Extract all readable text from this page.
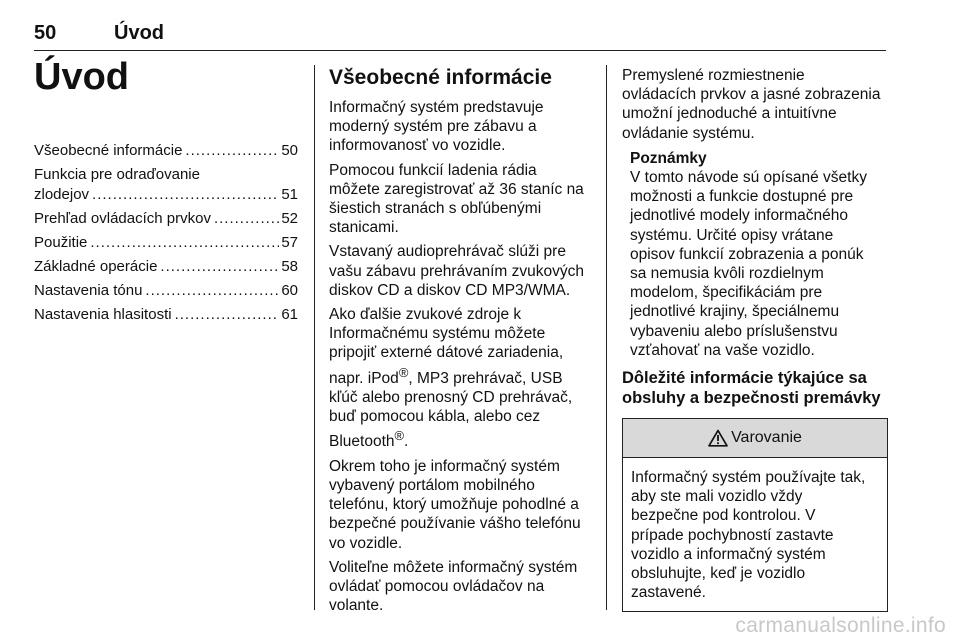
50	Úvod
Úvod
Všeobecné informácie .....	50
Funkcia pre odraďovanie
zlodejov .....	51
Prehľad ovládacích prvkov .....	52
Použitie .....	57
Základné operácie .....	58
Nastavenia tónu .....	60
Nastavenia hlasitosti .....	61
Všeobecné informácie

Informačný systém predstavuje
moderný systém pre zábavu a
informovanosť vo vozidle.

Pomocou funkcií ladenia rádia
môžete zaregistrovať až 36 staníc na
šiestich stranách s obľúbenými
stanicami.

Vstavaný audioprehrávač slúži pre
vašu zábavu prehrávaním zvukových
diskov CD a diskov CD MP3/WMA.

Ako ďalšie zvukové zdroje k
Informačnému systému môžete
pripojiť externé dátové zariadenia,
napr. iPod®, MP3 prehrávač, USB
kľúč alebo prenosný CD prehrávač,
buď pomocou kábla, alebo cez
Bluetooth®.

Okrem toho je informačný systém
vybavený portálom mobilného
telefónu, ktorý umožňuje pohodlné a
bezpečné používanie vášho telefónu
vo vozidle.

Voliteľne môžete informačný systém
ovládať pomocou ovládačov na
volante.

Premyslené rozmiestnenie
ovládacích prvkov a jasné zobrazenia
umožní jednoduché a intuitívne
ovládanie systému.

Poznámky
V tomto návode sú opísané všetky
možnosti a funkcie dostupné pre
jednotlivé modely informačného
systému. Určité opisy vrátane
opisov funkcií zobrazenia a ponúk
sa nemusia kvôli rozdielnym
modelom, špecifikáciám pre
jednotlivé krajiny, špeciálnemu
vybaveniu alebo príslušenstvu
vzťahovať na vaše vozidlo.
Dôležité informácie týkajúce sa
obsluhy a bezpečnosti premávky
Varovanie
Informačný systém používajte tak,
aby ste mali vozidlo vždy
bezpečne pod kontrolou. V
prípade pochybností zastavte
vozidlo a informačný systém
obsluhujte, keď je vozidlo
zastavené.
carmanualsonline.info
